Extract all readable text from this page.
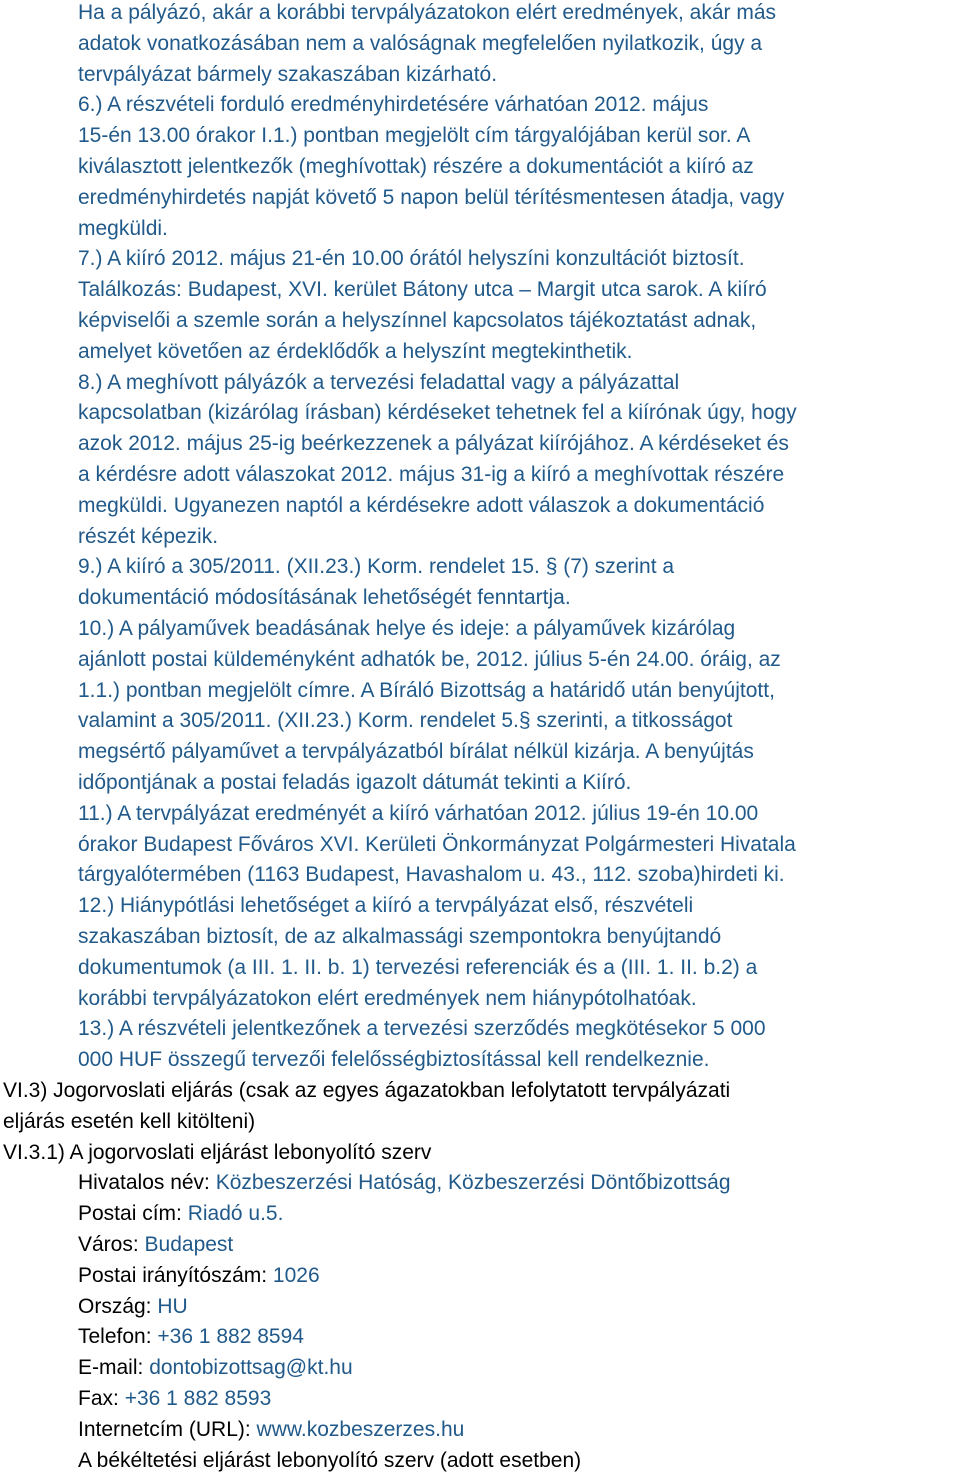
Ha a pályázó, akár a korábbi tervpályázatokon elért eredmények, akár más
adatok vonatkozásában nem a valóságnak megfelelően nyilatkozik, úgy a
tervpályázat bármely szakaszában kizárható.
6.) A részvételi forduló eredményhirdetésére várhatóan 2012. május
15-én 13.00 órakor I.1.) pontban megjelölt cím tárgyalójában kerül sor. A
kiválasztott jelentkezők (meghívottak) részére a dokumentációt a kiíró az
eredményhirdetés napját követő 5 napon belül térítésmentesen átadja, vagy
megküldi.
7.) A kiíró 2012. május 21-én 10.00 órától helyszíni konzultációt biztosít.
Találkozás: Budapest, XVI. kerület Bátony utca – Margit utca sarok. A kiíró
képviselői a szemle során a helyszínnel kapcsolatos tájékoztatást adnak,
amelyet követően az érdeklődők a helyszínt megtekinthetik.
8.) A meghívott pályázók a tervezési feladattal vagy a pályázattal
kapcsolatban (kizárólag írásban) kérdéseket tehetnek fel a kiírónak úgy, hogy
azok 2012. május 25-ig beérkezzenek a pályázat kiírójához. A kérdéseket és
a kérdésre adott válaszokat 2012. május 31-ig a kiíró a meghívottak részére
megküldi. Ugyanezen naptól a kérdésekre adott válaszok a dokumentáció
részét képezik.
9.) A kiíró a 305/2011. (XII.23.) Korm. rendelet 15. § (7) szerint a
dokumentáció módosításának lehetőségét fenntartja.
10.) A pályaművek beadásának helye és ideje: a pályaművek kizárólag
ajánlott postai küldeményként adhatók be, 2012. július 5-én 24.00. óráig, az
1.1.) pontban megjelölt címre. A Bíráló Bizottság a határidő után benyújtott,
valamint a 305/2011. (XII.23.) Korm. rendelet 5.§ szerinti, a titkosságot
megsértő pályaművet a tervpályázatból bírálat nélkül kizárja. A benyújtás
időpontjának a postai feladás igazolt dátumát tekinti a Kiíró.
11.) A tervpályázat eredményét a kiíró várhatóan 2012. július 19-én 10.00
órakor Budapest Főváros XVI. Kerületi Önkormányzat Polgármesteri Hivatala
tárgyalótermében (1163 Budapest, Havashalom u. 43., 112. szoba)hirdeti ki.
12.) Hiánypótlási lehetőséget a kiíró a tervpályázat első, részvételi
szakaszában biztosít, de az alkalmassági szempontokra benyújtandó
dokumentumok (a III. 1. II. b. 1) tervezési referenciák és a (III. 1. II. b.2) a
korábbi tervpályázatokon elért eredmények nem hiánypótolhatóak.
13.) A részvételi jelentkezőnek a tervezési szerződés megkötésekor 5 000
000 HUF összegű tervezői felelősségbiztosítással kell rendelkeznie.
VI.3) Jogorvoslati eljárás (csak az egyes ágazatokban lefolytatott tervpályázati
eljárás esetén kell kitölteni)
VI.3.1) A jogorvoslati eljárást lebonyolító szerv
Hivatalos név: Közbeszerzési Hatóság, Közbeszerzési Döntőbizottság
Postai cím: Riadó u.5.
Város: Budapest
Postai irányítószám: 1026
Ország: HU
Telefon: +36 1 882 8594
E-mail: dontobizottsag@kt.hu
Fax: +36 1 882 8593
Internetcím (URL): www.kozbeszerzes.hu
A békéltetési eljárást lebonyolító szerv (adott esetben)
